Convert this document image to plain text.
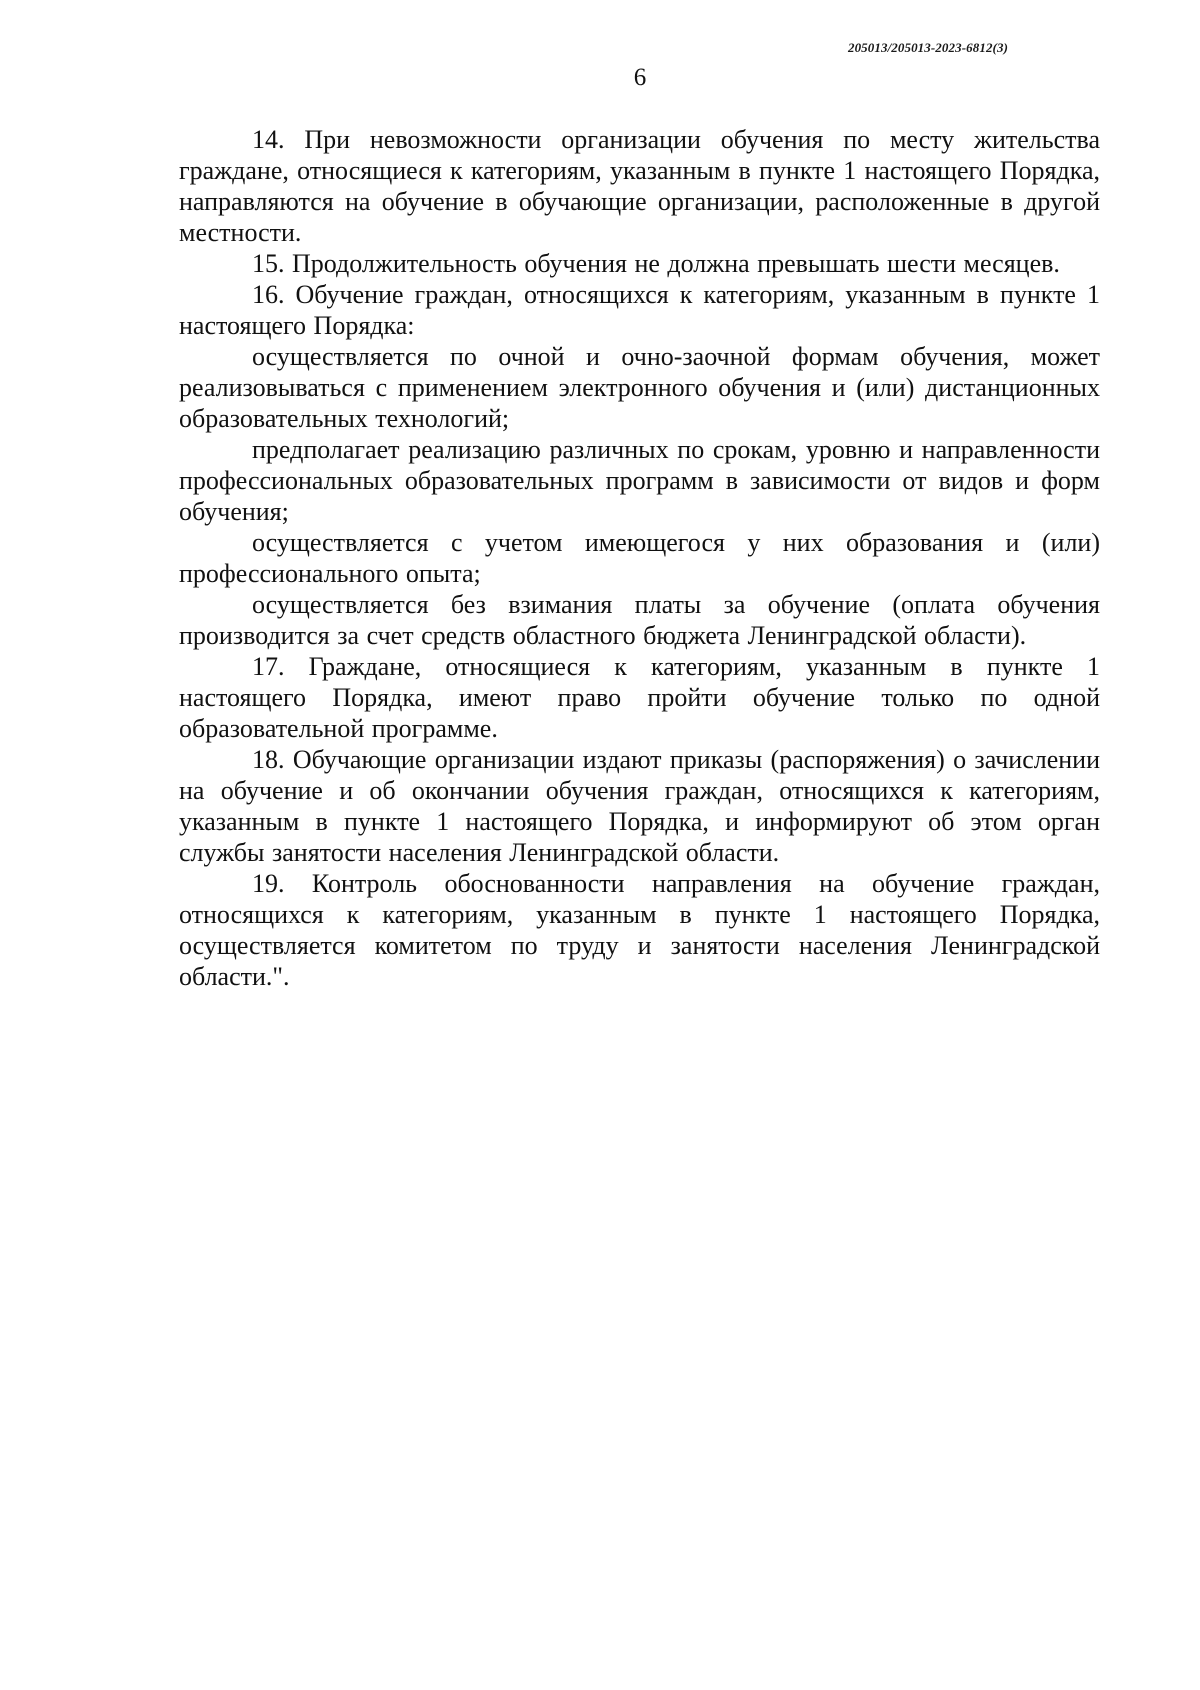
205013/205013-2023-6812(3)
6

14. При невозможности организации обучения по месту жительства граждане, относящиеся к категориям, указанным в пункте 1 настоящего Порядка, направляются на обучение в обучающие организации, расположенные в другой местности.

15. Продолжительность обучения не должна превышать шести месяцев.

16. Обучение граждан, относящихся к категориям, указанным в пункте 1 настоящего Порядка:

осуществляется по очной и очно-заочной формам обучения, может реализовываться с применением электронного обучения и (или) дистанционных образовательных технологий;

предполагает реализацию различных по срокам, уровню и направленности профессиональных образовательных программ в зависимости от видов и форм обучения;

осуществляется с учетом имеющегося у них образования и (или) профессионального опыта;

осуществляется без взимания платы за обучение (оплата обучения производится за счет средств областного бюджета Ленинградской области).

17. Граждане, относящиеся к категориям, указанным в пункте 1 настоящего Порядка, имеют право пройти обучение только по одной образовательной программе.

18. Обучающие организации издают приказы (распоряжения) о зачислении на обучение и об окончании обучения граждан, относящихся к категориям, указанным в пункте 1 настоящего Порядка, и информируют об этом орган службы занятости населения Ленинградской области.

19. Контроль обоснованности направления на обучение граждан, относящихся к категориям, указанным в пункте 1 настоящего Порядка, осуществляется комитетом по труду и занятости населения Ленинградской области.".
